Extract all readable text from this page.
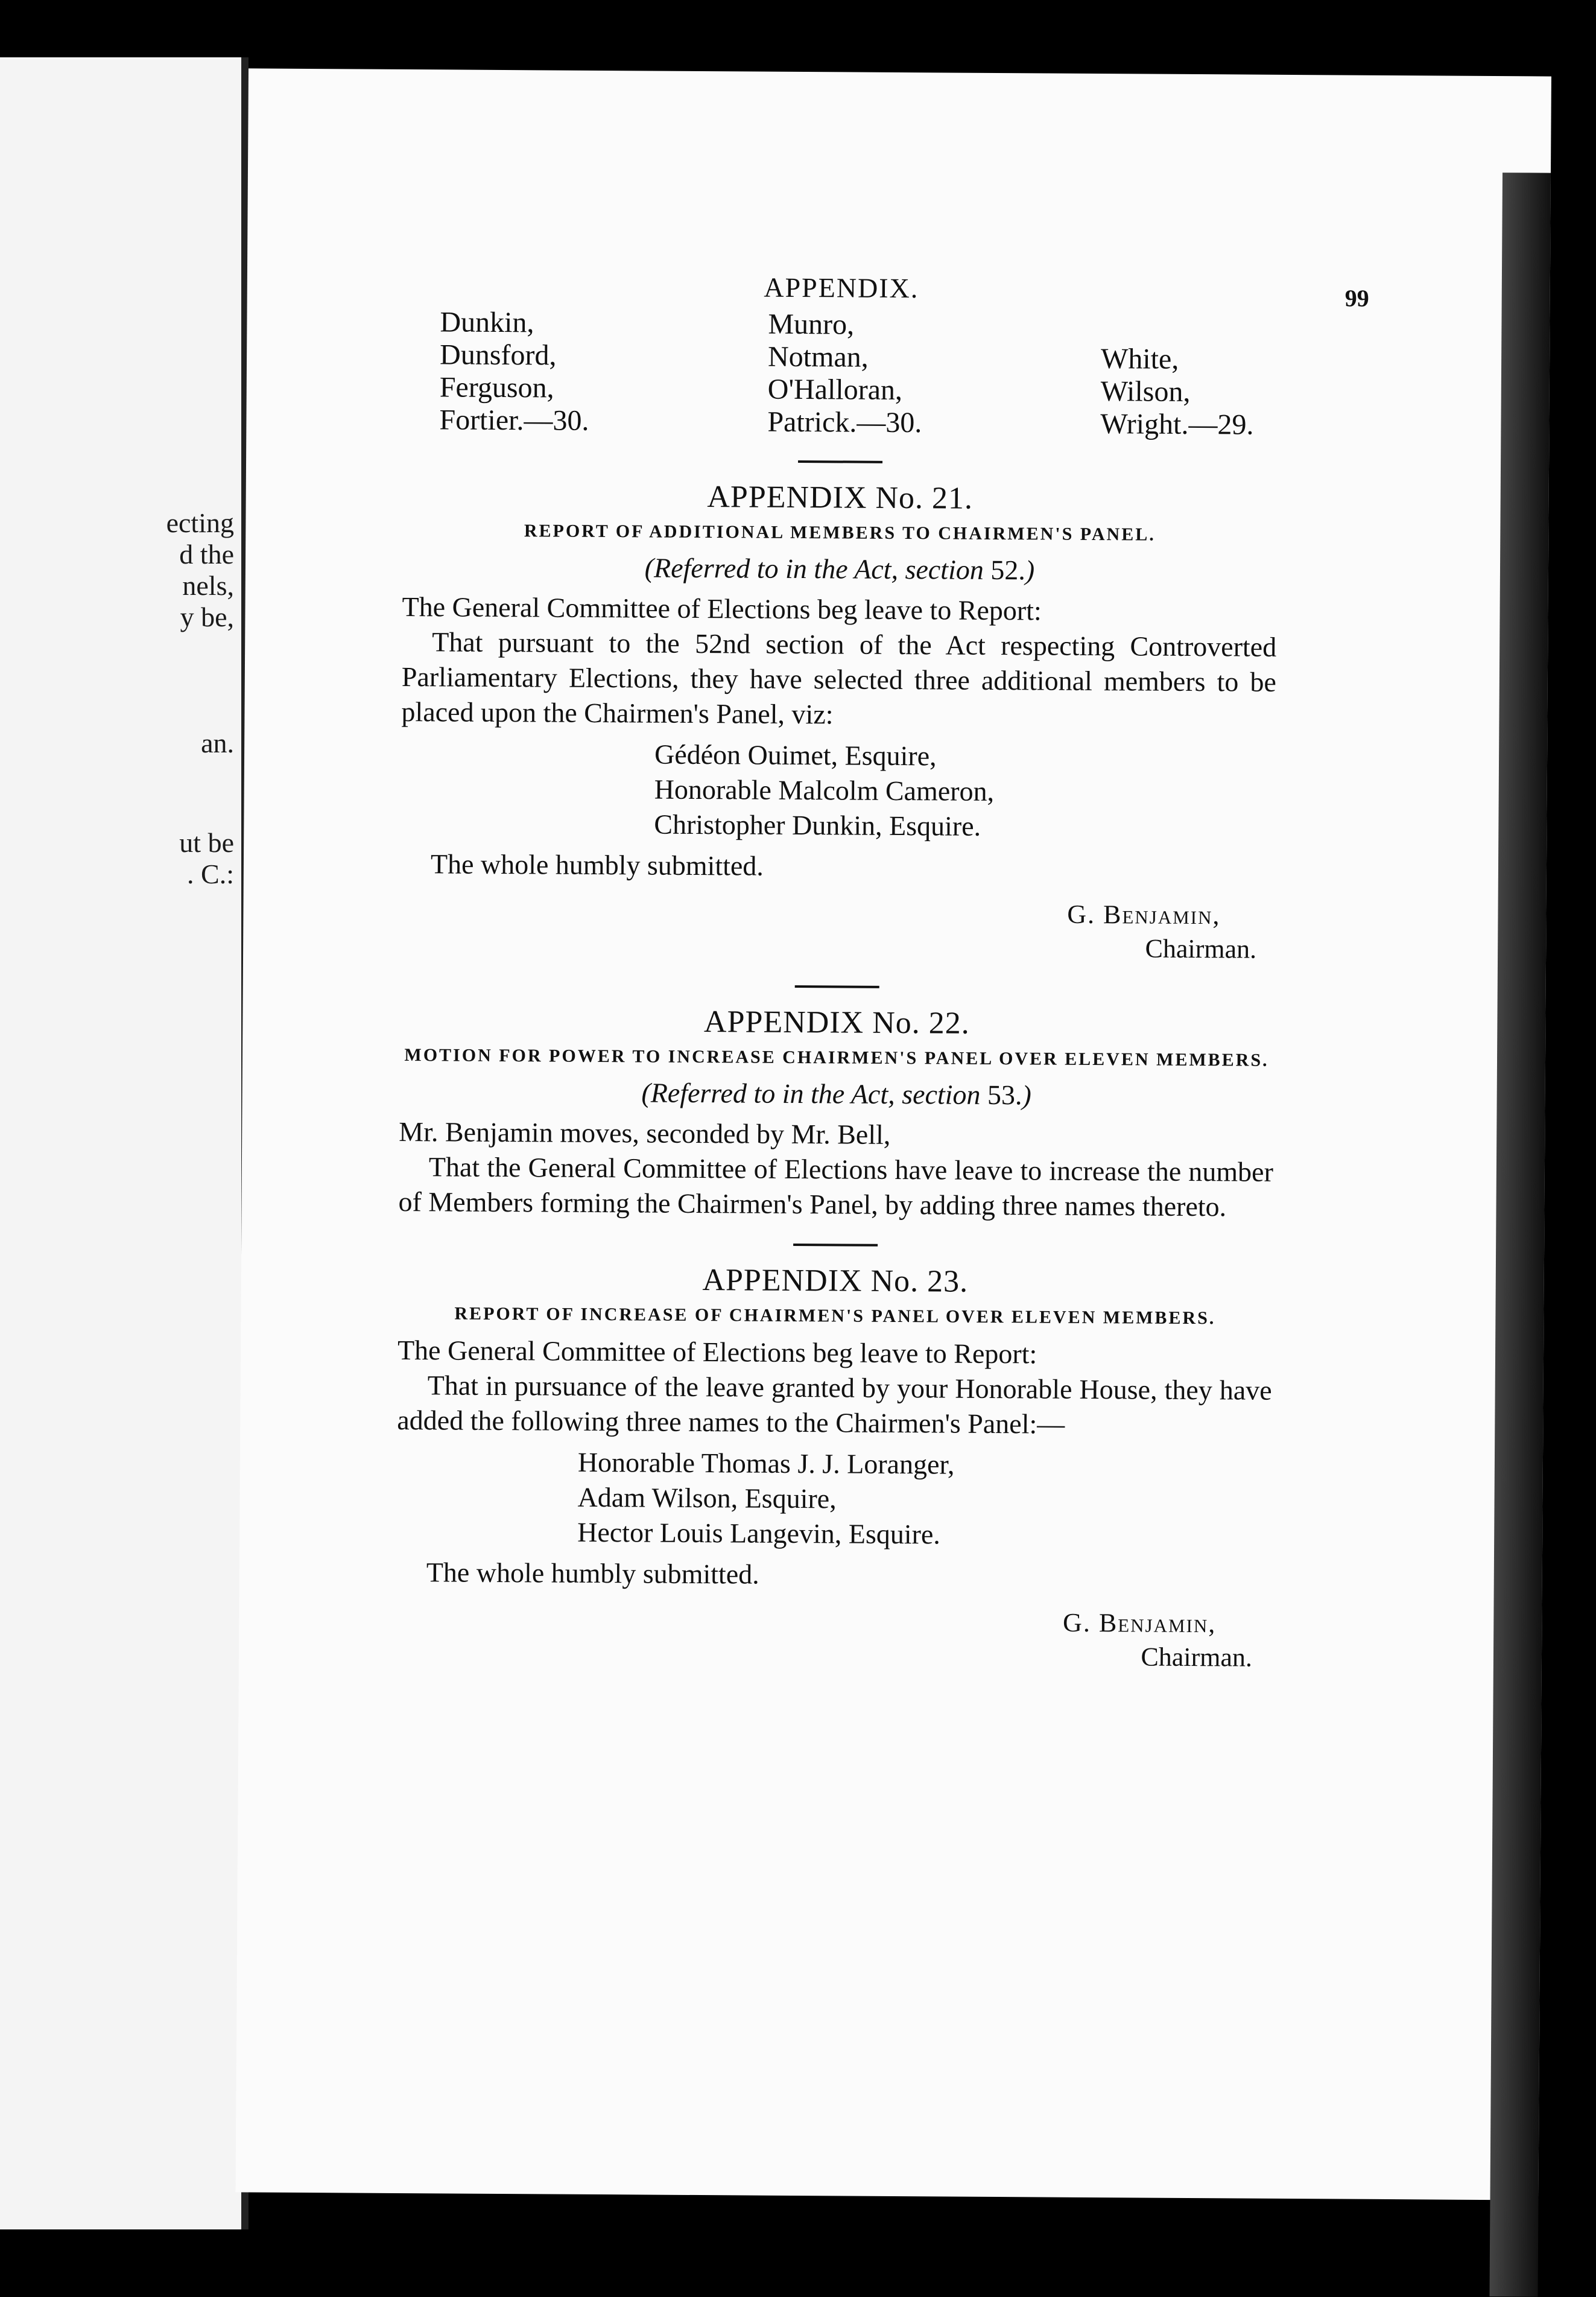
ecting
d the
nels,
y be,
an.
ut be
. C.:
99
APPENDIX.
Dunkin,
Dunsford,
Ferguson,
Fortier.—30.
Munro,
Notman,
O'Halloran,
Patrick.—30.
White,
Wilson,
Wright.—29.
APPENDIX No. 21.
REPORT OF ADDITIONAL MEMBERS TO CHAIRMEN'S PANEL.
(Referred to in the Act, section 52.)

The General Committee of Elections beg leave to Report:

That pursuant to the 52nd section of the Act respecting Controverted Parliamentary Elections, they have selected three additional members to be placed upon the Chairmen's Panel, viz:

Gédéon Ouimet, Esquire,
Honorable Malcolm Cameron,
Christopher Dunkin, Esquire.

The whole humbly submitted.

G. Benjamin,
Chairman.
APPENDIX No. 22.
MOTION FOR POWER TO INCREASE CHAIRMEN'S PANEL OVER ELEVEN MEMBERS.
(Referred to in the Act, section 53.)

Mr. Benjamin moves, seconded by Mr. Bell,

That the General Committee of Elections have leave to increase the number of Members forming the Chairmen's Panel, by adding three names thereto.

APPENDIX No. 23.
REPORT OF INCREASE OF CHAIRMEN'S PANEL OVER ELEVEN MEMBERS.

The General Committee of Elections beg leave to Report:

That in pursuance of the leave granted by your Honorable House, they have added the following three names to the Chairmen's Panel:—

Honorable Thomas J. J. Loranger,
Adam Wilson, Esquire,
Hector Louis Langevin, Esquire.

The whole humbly submitted.

G. Benjamin,
Chairman.
